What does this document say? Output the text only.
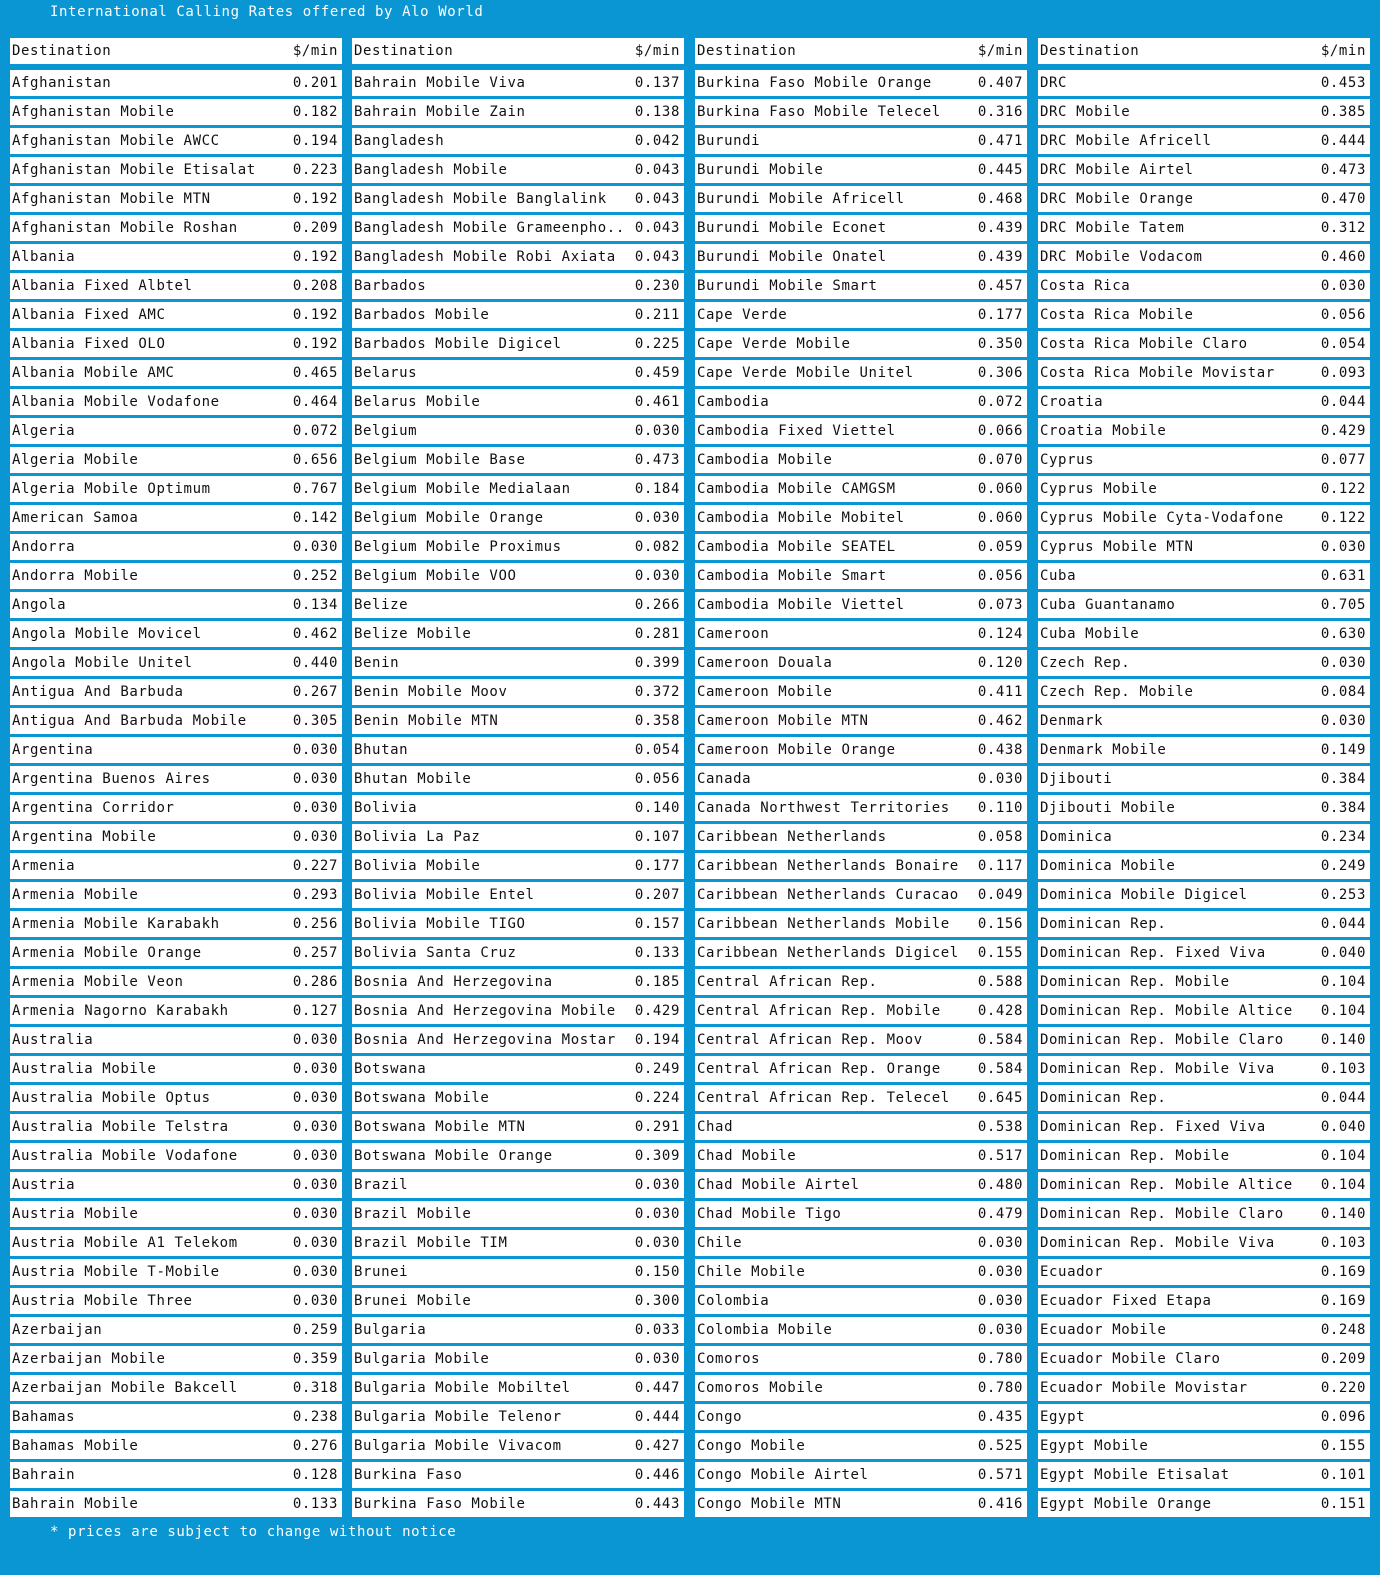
International Calling Rates offered by Alo World
Destination	$/min
Afghanistan	0.201
Afghanistan Mobile	0.182
Afghanistan Mobile AWCC	0.194
Afghanistan Mobile Etisalat	0.223
Afghanistan Mobile MTN	0.192
Afghanistan Mobile Roshan	0.209
Albania	0.192
Albania Fixed Albtel	0.208
Albania Fixed AMC	0.192
Albania Fixed OLO	0.192
Albania Mobile AMC	0.465
Albania Mobile Vodafone	0.464
Algeria	0.072
Algeria Mobile	0.656
Algeria Mobile Optimum	0.767
American Samoa	0.142
Andorra	0.030
Andorra Mobile	0.252
Angola	0.134
Angola Mobile Movicel	0.462
Angola Mobile Unitel	0.440
Antigua And Barbuda	0.267
Antigua And Barbuda Mobile	0.305
Argentina	0.030
Argentina Buenos Aires	0.030
Argentina Corridor	0.030
Argentina Mobile	0.030
Armenia	0.227
Armenia Mobile	0.293
Armenia Mobile Karabakh	0.256
Armenia Mobile Orange	0.257
Armenia Mobile Veon	0.286
Armenia Nagorno Karabakh	0.127
Australia	0.030
Australia Mobile	0.030
Australia Mobile Optus	0.030
Australia Mobile Telstra	0.030
Australia Mobile Vodafone	0.030
Austria	0.030
Austria Mobile	0.030
Austria Mobile A1 Telekom	0.030
Austria Mobile T-Mobile	0.030
Austria Mobile Three	0.030
Azerbaijan	0.259
Azerbaijan Mobile	0.359
Azerbaijan Mobile Bakcell	0.318
Bahamas	0.238
Bahamas Mobile	0.276
Bahrain	0.128
Bahrain Mobile	0.133
Destination	$/min
Bahrain Mobile Viva	0.137
Bahrain Mobile Zain	0.138
Bangladesh	0.042
Bangladesh Mobile	0.043
Bangladesh Mobile Banglalink 0.043
Bangladesh Mobile Grameenpho.. 0.043
Bangladesh Mobile Robi Axiata 0.043
Barbados	0.230
Barbados Mobile	0.211
Barbados Mobile Digicel	0.225
Belarus	0.459
Belarus Mobile	0.461
Belgium	0.030
Belgium Mobile Base	0.473
Belgium Mobile Medialaan	0.184
Belgium Mobile Orange	0.030
Belgium Mobile Proximus	0.082
Belgium Mobile VOO	0.030
Belize	0.266
Belize Mobile	0.281
Benin	0.399
Benin Mobile Moov	0.372
Benin Mobile MTN	0.358
Bhutan	0.054
Bhutan Mobile	0.056
Bolivia	0.140
Bolivia La Paz	0.107
Bolivia Mobile	0.177
Bolivia Mobile Entel	0.207
Bolivia Mobile TIGO	0.157
Bolivia Santa Cruz	0.133
Bosnia And Herzegovina	0.185
Bosnia And Herzegovina Mobile 0.429
Bosnia And Herzegovina Mostar 0.194
Botswana	0.249
Botswana Mobile	0.224
Botswana Mobile MTN	0.291
Botswana Mobile Orange	0.309
Brazil	0.030
Brazil Mobile	0.030
Brazil Mobile TIM	0.030
Brunei	0.150
Brunei Mobile	0.300
Bulgaria	0.033
Bulgaria Mobile	0.030
Bulgaria Mobile Mobiltel	0.447
Bulgaria Mobile Telenor	0.444
Bulgaria Mobile Vivacom	0.427
Burkina Faso	0.446
Burkina Faso Mobile	0.443
Destination	$/min
Burkina Faso Mobile Orange	0.407
Burkina Faso Mobile Telecel	0.316
Burundi	0.471
Burundi Mobile	0.445
Burundi Mobile Africell	0.468
Burundi Mobile Econet	0.439
Burundi Mobile Onatel	0.439
Burundi Mobile Smart	0.457
Cape Verde	0.177
Cape Verde Mobile	0.350
Cape Verde Mobile Unitel	0.306
Cambodia	0.072
Cambodia Fixed Viettel	0.066
Cambodia Mobile	0.070
Cambodia Mobile CAMGSM	0.060
Cambodia Mobile Mobitel	0.060
Cambodia Mobile SEATEL	0.059
Cambodia Mobile Smart	0.056
Cambodia Mobile Viettel	0.073
Cameroon	0.124
Cameroon Douala	0.120
Cameroon Mobile	0.411
Cameroon Mobile MTN	0.462
Cameroon Mobile Orange	0.438
Canada	0.030
Canada Northwest Territories 0.110
Caribbean Netherlands	0.058
Caribbean Netherlands Bonaire 0.117
Caribbean Netherlands Curacao 0.049
Caribbean Netherlands Mobile 0.156
Caribbean Netherlands Digicel 0.155
Central African Rep.	0.588
Central African Rep. Mobile	0.428
Central African Rep. Moov	0.584
Central African Rep. Orange	0.584
Central African Rep. Telecel 0.645
Chad	0.538
Chad Mobile	0.517
Chad Mobile Airtel	0.480
Chad Mobile Tigo	0.479
Chile	0.030
Chile Mobile	0.030
Colombia	0.030
Colombia Mobile	0.030
Comoros	0.780
Comoros Mobile	0.780
Congo	0.435
Congo Mobile	0.525
Congo Mobile Airtel	0.571
Congo Mobile MTN	0.416
Destination	$/min
DRC	0.453
DRC Mobile	0.385
DRC Mobile Africell	0.444
DRC Mobile Airtel	0.473
DRC Mobile Orange	0.470
DRC Mobile Tatem	0.312
DRC Mobile Vodacom	0.460
Costa Rica	0.030
Costa Rica Mobile	0.056
Costa Rica Mobile Claro	0.054
Costa Rica Mobile Movistar	0.093
Croatia	0.044
Croatia Mobile	0.429
Cyprus	0.077
Cyprus Mobile	0.122
Cyprus Mobile Cyta-Vodafone	0.122
Cyprus Mobile MTN	0.030
Cuba	0.631
Cuba Guantanamo	0.705
Cuba Mobile	0.630
Czech Rep.	0.030
Czech Rep. Mobile	0.084
Denmark	0.030
Denmark Mobile	0.149
Djibouti	0.384
Djibouti Mobile	0.384
Dominica	0.234
Dominica Mobile	0.249
Dominica Mobile Digicel	0.253
Dominican Rep.	0.044
Dominican Rep. Fixed Viva	0.040
Dominican Rep. Mobile	0.104
Dominican Rep. Mobile Altice 0.104
Dominican Rep. Mobile Claro	0.140
Dominican Rep. Mobile Viva	0.103
Dominican Rep.	0.044
Dominican Rep. Fixed Viva	0.040
Dominican Rep. Mobile	0.104
Dominican Rep. Mobile Altice 0.104
Dominican Rep. Mobile Claro	0.140
Dominican Rep. Mobile Viva	0.103
Ecuador	0.169
Ecuador Fixed Etapa	0.169
Ecuador Mobile	0.248
Ecuador Mobile Claro	0.209
Ecuador Mobile Movistar	0.220
Egypt	0.096
Egypt Mobile	0.155
Egypt Mobile Etisalat	0.101
Egypt Mobile Orange	0.151
* prices are subject to change without notice
